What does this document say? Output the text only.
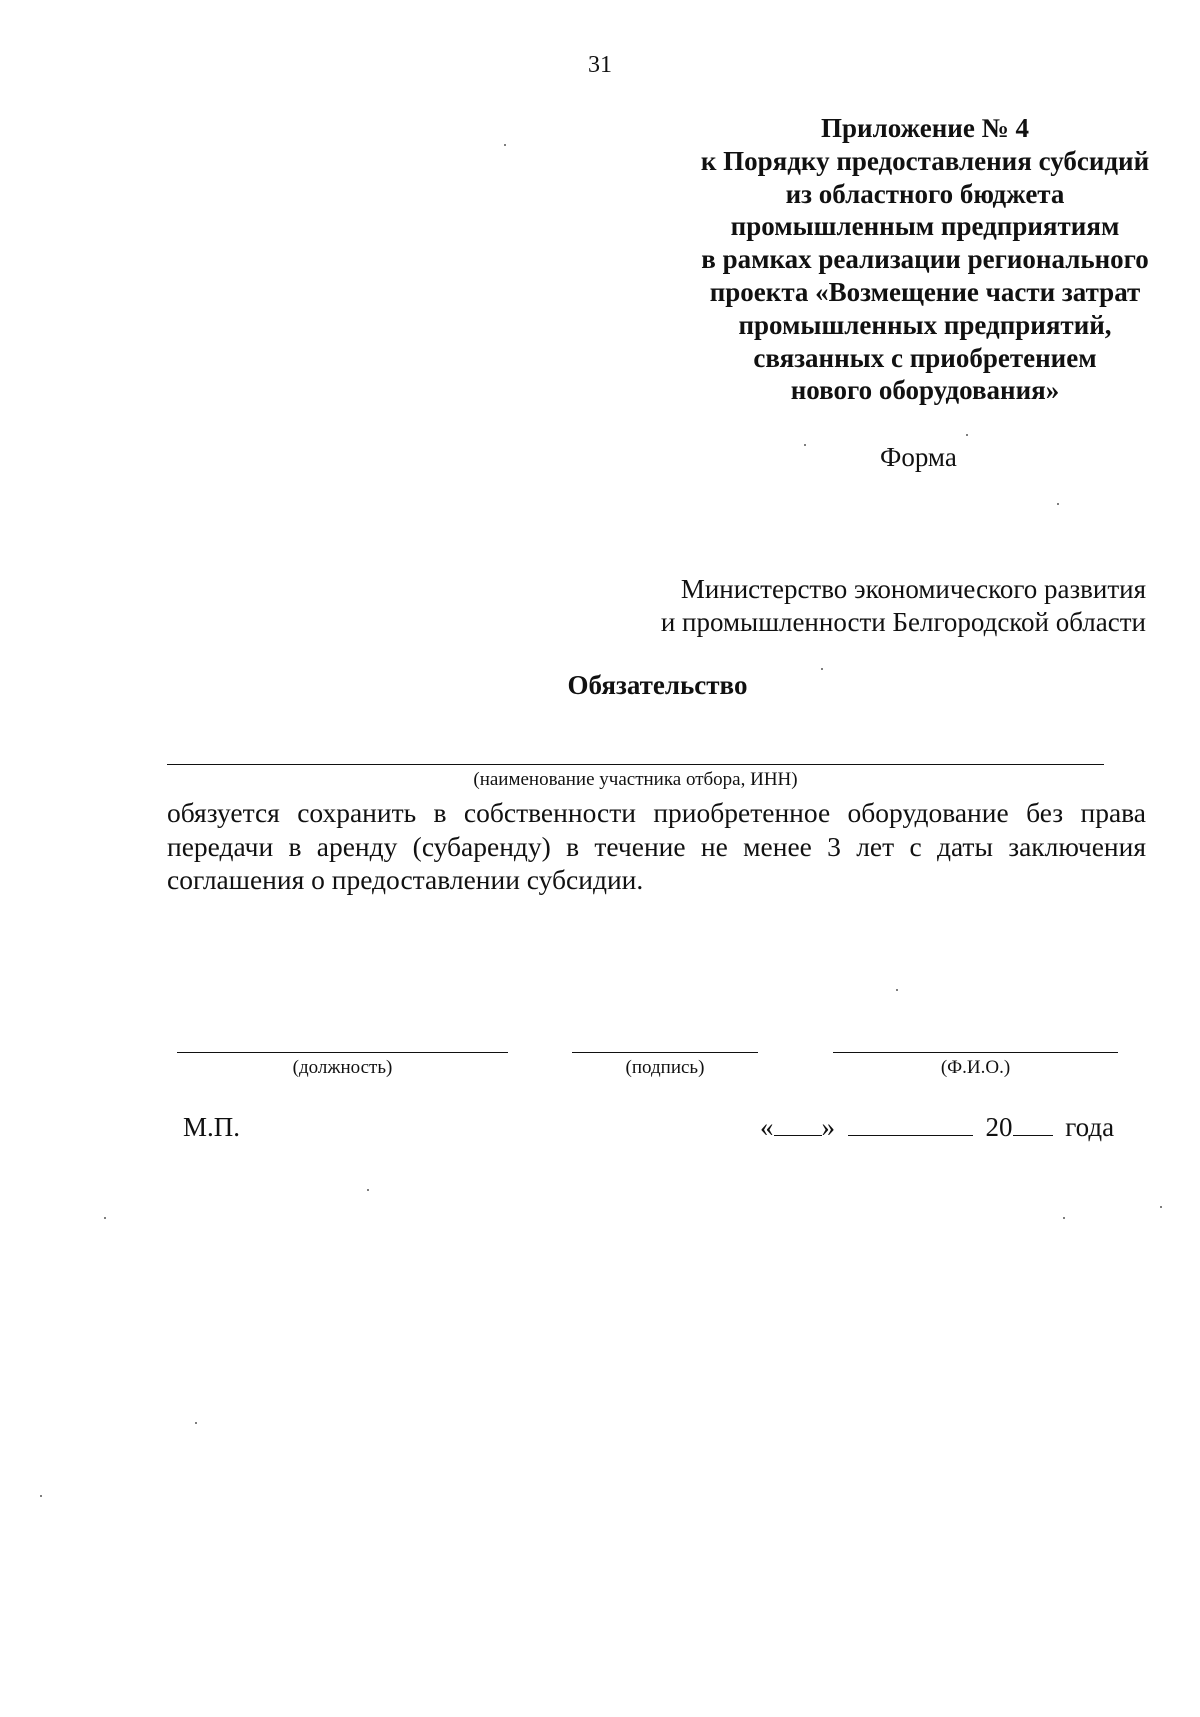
31
Приложение № 4
к Порядку предоставления субсидий
из областного бюджета
промышленным предприятиям
в рамках реализации регионального
проекта «Возмещение части затрат
промышленных предприятий,
связанных с приобретением
нового оборудования»
Форма
Министерство экономического развития
и промышленности Белгородской области
Обязательство
(наименование участника отбора, ИНН)
обязуется сохранить в собственности приобретенное оборудование без права
передачи в аренду (субаренду) в течение не менее 3 лет с даты заключения
соглашения о предоставлении субсидии.
(должность)	(подпись)	(Ф.И.О.)
М.П.	« »	20 года
